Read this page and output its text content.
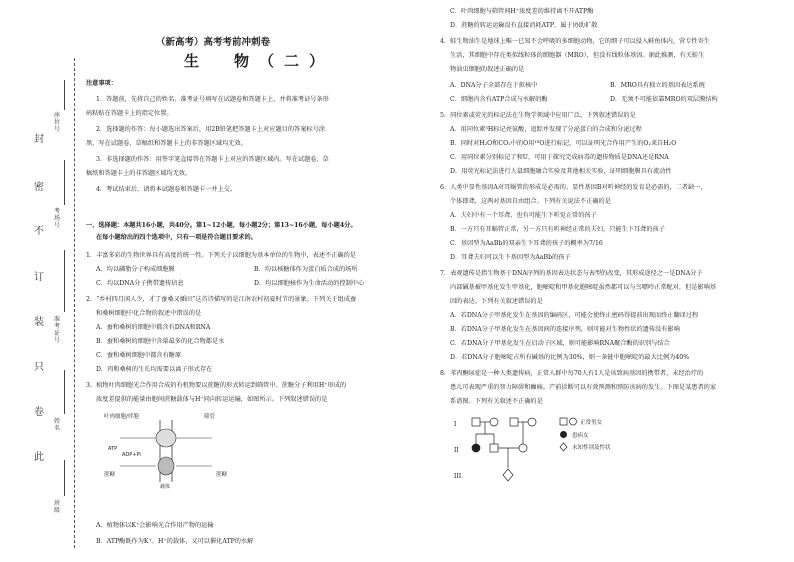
封
密
不
订
装
只
卷
此
座位号
考场号
准考证号
姓名
班级
（新高考）高考考前冲刺卷
生　物（二）
注意事项：
1．答题前，先将自己的姓名、准考证号填写在试题卷和答题卡上，并将准考证号条形
码粘贴在答题卡上的指定位置。
2．选择题的作答：每小题选出答案后，用2B铅笔把答题卡上对应题目的答案标号涂
黑，写在试题卷、草稿纸和答题卡上的非答题区域均无效。
3．非选择题的作答：用签字笔直接答在答题卡上对应的答题区域内。写在试题卷、草
稿纸和答题卡上的非答题区域均无效。
4．考试结束后，请将本试题卷和答题卡一并上交。
一、选择题：本题共16小题，共40分。第1~12小题，每小题2分；第13~16小题，每小题4分。
在每小题给出的四个选项中，只有一项是符合题目要求的。
1．丰富多彩的生物世界具有高度的统一性。下列关于以细胞为基本单位的生物中，表述不正确的是
A．均以磷脂分子构成细胞膜	B．均以核糖体作为蛋白质合成的场所
C．均以DNA分子携带遗传信息	D．均以细胞核作为生命活动的控制中心
2．“乡村四月闲人少，才了蚕桑又插田”这首诗描写的是江南农村初夏时节的景象。下列关于组成蚕
和桑树细胞中化合物的叙述中错误的是
A．蚕和桑树的细胞中都含有DNA和RNA
B．蚕和桑树的细胞中含量最多的化合物都是水
C．蚕和桑树细胞中都含有糖原
D．丙和桑树的生长均需要以离子形式存在
3．植物叶肉细胞光合作用合成的有机物要以蔗糖的形式转运到筛管中。蔗糖分子利用H⁺形成的
浓度差提供的能量由胞间蔗糖载体与H⁺同向转运运输，如图所示。下列叙述错误的是
叶肉细胞/伴胞	筛管
ATP
ADP+Pi
载体
蔗糖	蔗糖
A．植物体以K⁺会影响光合作用产物的运输
B．ATP酶既作为K⁺、H⁺的载体，又可以催化ATP的水解
C．叶肉细胞与筛管间H⁺浓度差的维持离不开ATP酶
D．蔗糖的转运运输没有直接消耗ATP，属于协助扩散
4．蛙生物油生是地球上唯一已知不会呼吸的多细胞动物，它的细子可以侵入鲑鱼体内，营专性寄生
生活，其细胞中存在类似线粒体的细胞器（MRO），但没有线粒体基因。据此推测，有关蛙生
物油虫细胞的叙述正确的是
A．DNA分子全部存在于拟核中	B．MRO具有独立的基因表达系统
C．细胞内含有ATP合成与水解的酶	D．无须不可能依靠MRO的双层膜结构
5．同位素或荧光的标记法在生物学领域中应用广泛，下列叙述错误的是
A．用同位素³H标记亮氨酸，追踪并发现了分泌蛋白的合成和分泌过程
B．同时对H₂O和CO₂中的O用¹⁸O进行标记，可以证明光合作用产生的O₂来自H₂O
C．用同位素分别标记了和U，可用于探究完成病毒的遗传物质是DNA还是RNA
D．用荧光标记法进行人鼠细胞融合实验及其他相关实验，证明细胞膜具有流动性
6．人类中显性基因A对耳蜗管的形成是必需的，显性基因B对听神经的发育是必需的，二者缺一，
个体即聋，这两对基因自由组合。下列有关说法不正确的是
A．夫妇中有一个耳聋，也有可能生下听觉正常的孩子
B．一方只有耳蜗管正常，另一方只有听神经正常的夫妇，只能生下耳聋的孩子
C．基因型为AaBb的双亲生下耳聋的孩子的概率为7/16
D．耳聋夫妇可以生下基因型为AaBb的孩子
7．表观遗传是指生物基于DNA序列的基因表达状态与表型的改变，其形成途径之一是DNA分子
内部碱基被甲基化发生甲基化，胞嘧啶和甲基化胞嘧啶虽然都可以与鸟嘌呤正常配对，但是影响基
因的表达。下列有关叙述错误的是
A．若DNA分子甲基化发生在基因的编码区，可能会使终止密码得提前出现而终止翻译过程
B．若DNA分子甲基化发生在基因间的连接序列，则可能对生物性状的遗传没有影响
C．若DNA分子甲基化发生在启动子区域，则可能影响RNA聚合酶的识别与结合
D．若DNA分子胞嘧啶占所有碱基的比例为30%，则一条链中胞嘧啶的最大比例为40%
8．苯丙酮尿症是一种人类遗传病，正常人群中每70人有1人是该致病基因的携带者，未经治疗的
患儿可表现严重的智力障碍和癫痫。产前诊断可以有效预测和预防该病的发生。下图是某患者的家
系谱图。下列有关叙述不正确的是
I
II
III
正常男女
患病女
未知性别及性状
